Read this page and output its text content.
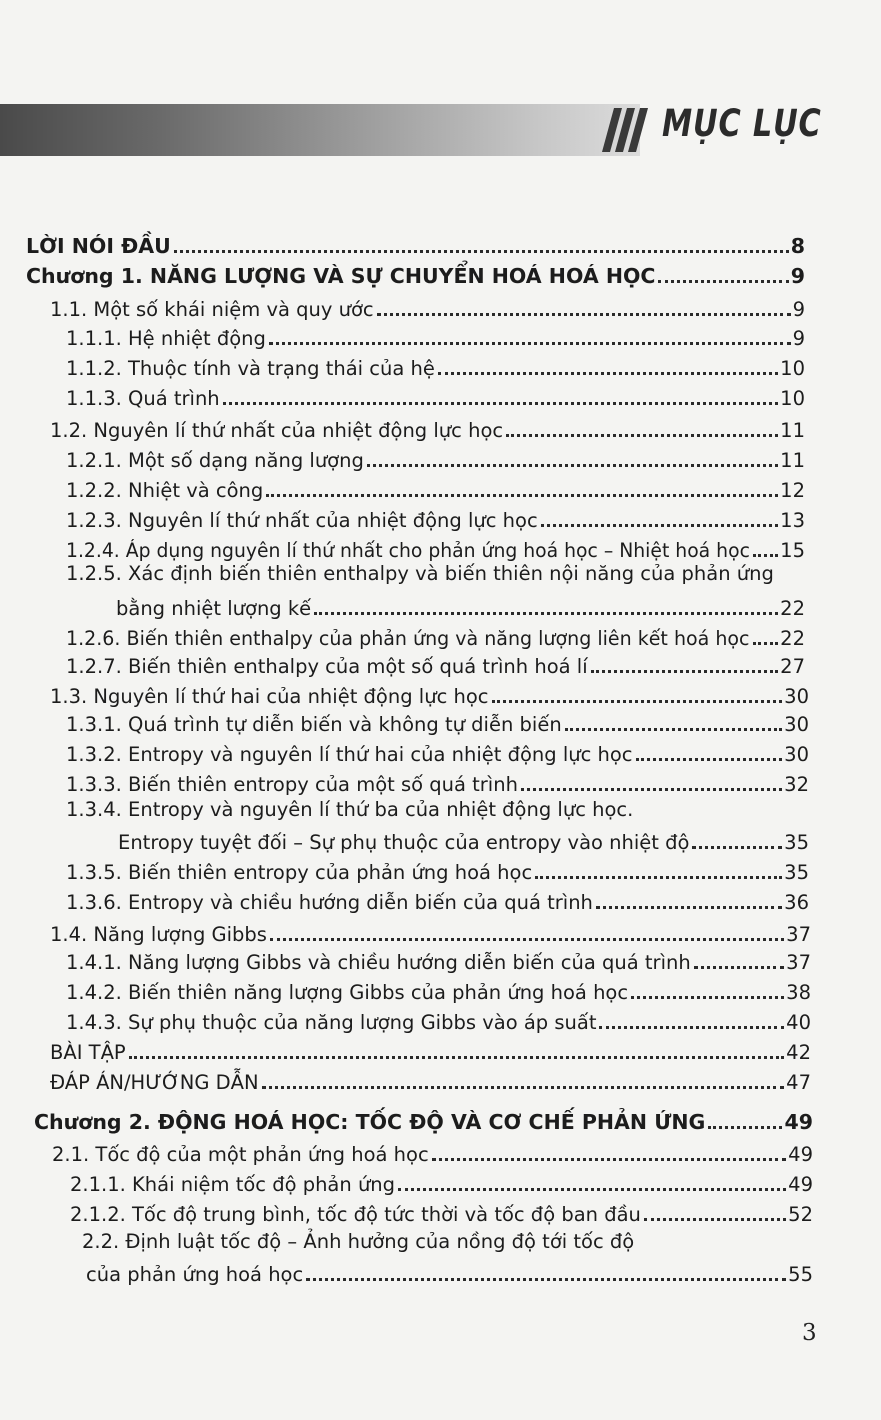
MỤC LỤC
LỜI NÓI ĐẦU	8
Chương 1. NĂNG LƯỢNG VÀ SỰ CHUYỂN HOÁ HOÁ HỌC	9
1.1. Một số khái niệm và quy ước	9
1.1.1. Hệ nhiệt động	9
1.1.2. Thuộc tính và trạng thái của hệ	10
1.1.3. Quá trình	10
1.2. Nguyên lí thứ nhất của nhiệt động lực học	11
1.2.1. Một số dạng năng lượng	11
1.2.2. Nhiệt và công	12
1.2.3. Nguyên lí thứ nhất của nhiệt động lực học	13
1.2.4. Áp dụng nguyên lí thứ nhất cho phản ứng hoá học – Nhiệt hoá học 15
1.2.5. Xác định biến thiên enthalpy và biến thiên nội năng của phản ứng
bằng nhiệt lượng kế	22
1.2.6. Biến thiên enthalpy của phản ứng và năng lượng liên kết hoá học 22
1.2.7. Biến thiên enthalpy của một số quá trình hoá lí	27
1.3. Nguyên lí thứ hai của nhiệt động lực học	30
1.3.1. Quá trình tự diễn biến và không tự diễn biến	30
1.3.2. Entropy và nguyên lí thứ hai của nhiệt động lực học	30
1.3.3. Biến thiên entropy của một số quá trình	32
1.3.4. Entropy và nguyên lí thứ ba của nhiệt động lực học.
Entropy tuyệt đối – Sự phụ thuộc của entropy vào nhiệt độ	35
1.3.5. Biến thiên entropy của phản ứng hoá học	35
1.3.6. Entropy và chiều hướng diễn biến của quá trình	36
1.4. Năng lượng Gibbs	37
1.4.1. Năng lượng Gibbs và chiều hướng diễn biến của quá trình	37
1.4.2. Biến thiên năng lượng Gibbs của phản ứng hoá học	38
1.4.3. Sự phụ thuộc của năng lượng Gibbs vào áp suất	40
BÀI TẬP	42
ĐÁP ÁN/HƯỚNG DẪN	47
Chương 2. ĐỘNG HOÁ HỌC: TỐC ĐỘ VÀ CƠ CHẾ PHẢN ỨNG	49
2.1. Tốc độ của một phản ứng hoá học	49
2.1.1. Khái niệm tốc độ phản ứng	49
2.1.2. Tốc độ trung bình, tốc độ tức thời và tốc độ ban đầu	52
2.2. Định luật tốc độ – Ảnh hưởng của nồng độ tới tốc độ
của phản ứng hoá học	55
3
